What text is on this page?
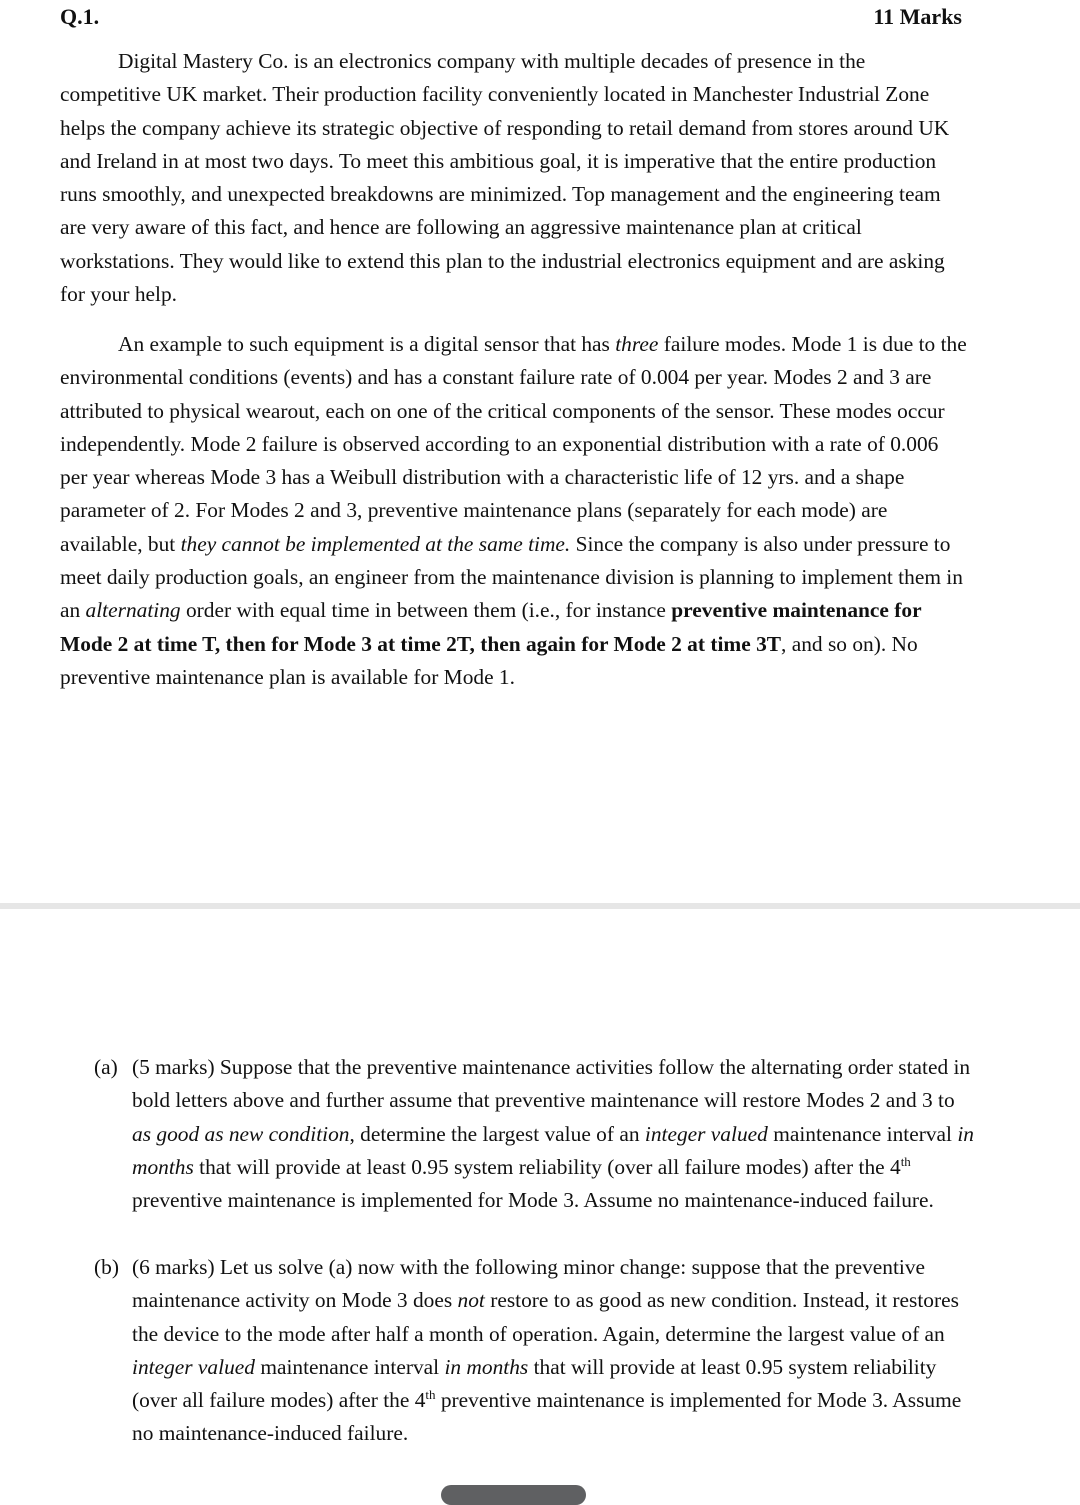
Q.1.	11 Marks

Digital Mastery Co. is an electronics company with multiple decades of presence in the competitive UK market. Their production facility conveniently located in Manchester Industrial Zone helps the company achieve its strategic objective of responding to retail demand from stores around UK and Ireland in at most two days. To meet this ambitious goal, it is imperative that the entire production runs smoothly, and unexpected breakdowns are minimized. Top management and the engineering team are very aware of this fact, and hence are following an aggressive maintenance plan at critical workstations. They would like to extend this plan to the industrial electronics equipment and are asking for your help.

An example to such equipment is a digital sensor that has three failure modes. Mode 1 is due to the environmental conditions (events) and has a constant failure rate of 0.004 per year. Modes 2 and 3 are attributed to physical wearout, each on one of the critical components of the sensor. These modes occur independently. Mode 2 failure is observed according to an exponential distribution with a rate of 0.006 per year whereas Mode 3 has a Weibull distribution with a characteristic life of 12 yrs. and a shape parameter of 2. For Modes 2 and 3, preventive maintenance plans (separately for each mode) are available, but they cannot be implemented at the same time. Since the company is also under pressure to meet daily production goals, an engineer from the maintenance division is planning to implement them in an alternating order with equal time in between them (i.e., for instance preventive maintenance for Mode 2 at time T, then for Mode 3 at time 2T, then again for Mode 2 at time 3T, and so on). No preventive maintenance plan is available for Mode 1.

(a) (5 marks) Suppose that the preventive maintenance activities follow the alternating order stated in bold letters above and further assume that preventive maintenance will restore Modes 2 and 3 to as good as new condition, determine the largest value of an integer valued maintenance interval in months that will provide at least 0.95 system reliability (over all failure modes) after the 4th preventive maintenance is implemented for Mode 3. Assume no maintenance-induced failure.
(b) (6 marks) Let us solve (a) now with the following minor change: suppose that the preventive maintenance activity on Mode 3 does not restore to as good as new condition. Instead, it restores the device to the mode after half a month of operation. Again, determine the largest value of an integer valued maintenance interval in months that will provide at least 0.95 system reliability (over all failure modes) after the 4th preventive maintenance is implemented for Mode 3. Assume no maintenance-induced failure.
